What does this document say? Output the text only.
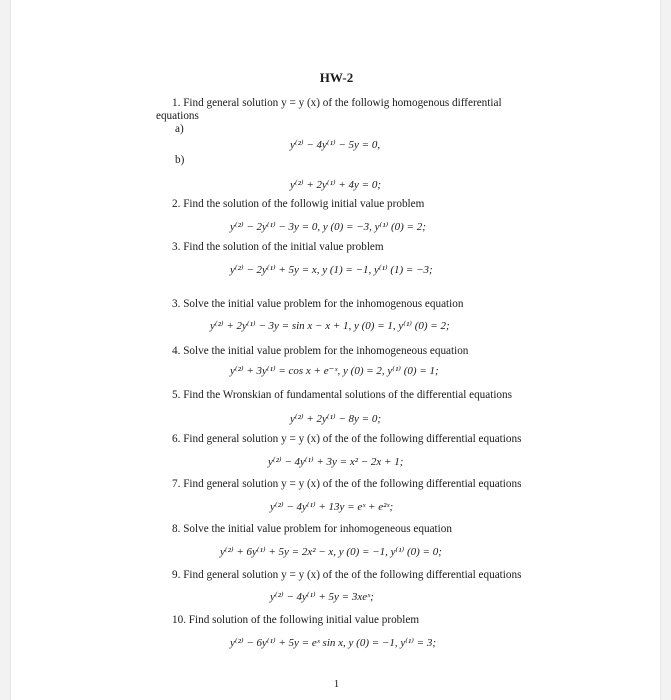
HW-2
1. Find general solution y = y (x) of the followig homogenous differential
equations
a)
y⁽²⁾ − 4y⁽¹⁾ − 5y = 0,
b)
y⁽²⁾ + 2y⁽¹⁾ + 4y = 0;
2. Find the solution of the followig initial value problem
y⁽²⁾ − 2y⁽¹⁾ − 3y = 0, y (0) = −3, y⁽¹⁾ (0) = 2;
3. Find the solution of the initial value problem
y⁽²⁾ − 2y⁽¹⁾ + 5y = x, y (1) = −1, y⁽¹⁾ (1) = −3;
3. Solve the initial value problem for the inhomogenous equation
y⁽²⁾ + 2y⁽¹⁾ − 3y = sin x − x + 1, y (0) = 1, y⁽¹⁾ (0) = 2;
4. Solve the initial value problem for the inhomogeneous equation
y⁽²⁾ + 3y⁽¹⁾ = cos x + e⁻ˣ, y (0) = 2, y⁽¹⁾ (0) = 1;
5. Find the Wronskian of fundamental solutions of the differential equations
y⁽²⁾ + 2y⁽¹⁾ − 8y = 0;
6. Find general solution y = y (x) of the of the following differential equations
y⁽²⁾ − 4y⁽¹⁾ + 3y = x² − 2x + 1;
7. Find general solution y = y (x) of the of the following differential equations
y⁽²⁾ − 4y⁽¹⁾ + 13y = eˣ + e²ˣ;
8. Solve the initial value problem for inhomogeneous equation
y⁽²⁾ + 6y⁽¹⁾ + 5y = 2x² − x, y (0) = −1, y⁽¹⁾ (0) = 0;
9. Find general solution y = y (x) of the of the following differential equations
y⁽²⁾ − 4y⁽¹⁾ + 5y = 3xeˣ;
10. Find solution of the following initial value problem
y⁽²⁾ − 6y⁽¹⁾ + 5y = eˣ sin x, y (0) = −1, y⁽¹⁾ = 3;
1
